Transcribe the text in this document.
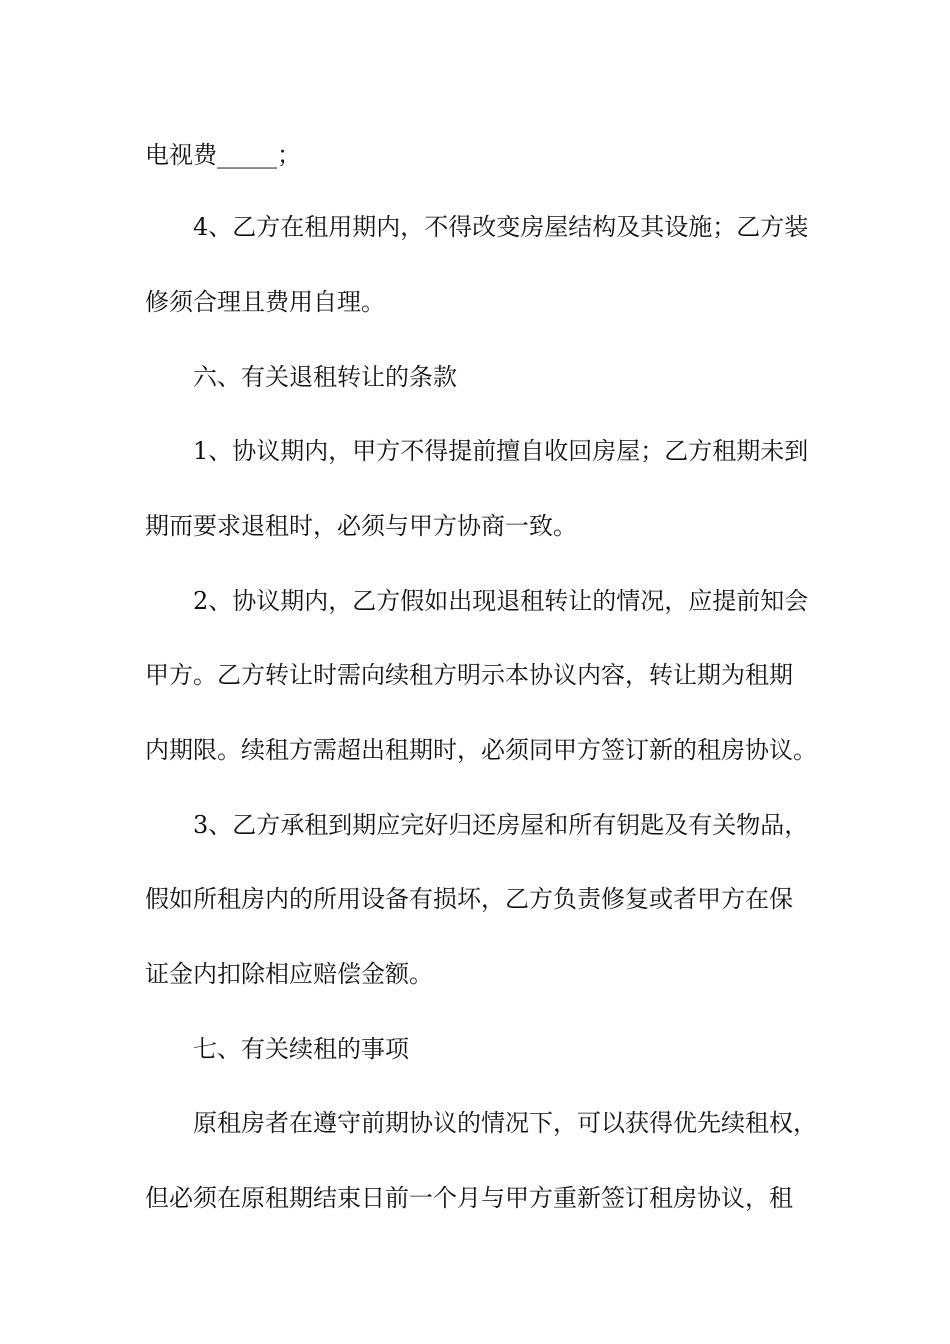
电视费_____；
4、乙方在租用期内，不得改变房屋结构及其设施；乙方装
修须合理且费用自理。
六、有关退租转让的条款
1、协议期内，甲方不得提前擅自收回房屋；乙方租期未到
期而要求退租时，必须与甲方协商一致。
2、协议期内，乙方假如出现退租转让的情况，应提前知会
甲方。乙方转让时需向续租方明示本协议内容，转让期为租期
内期限。续租方需超出租期时，必须同甲方签订新的租房协议。
3、乙方承租到期应完好归还房屋和所有钥匙及有关物品，
假如所租房内的所用设备有损坏，乙方负责修复或者甲方在保
证金内扣除相应赔偿金额。
七、有关续租的事项
原租房者在遵守前期协议的情况下，可以获得优先续租权，
但必须在原租期结束日前一个月与甲方重新签订租房协议，租
